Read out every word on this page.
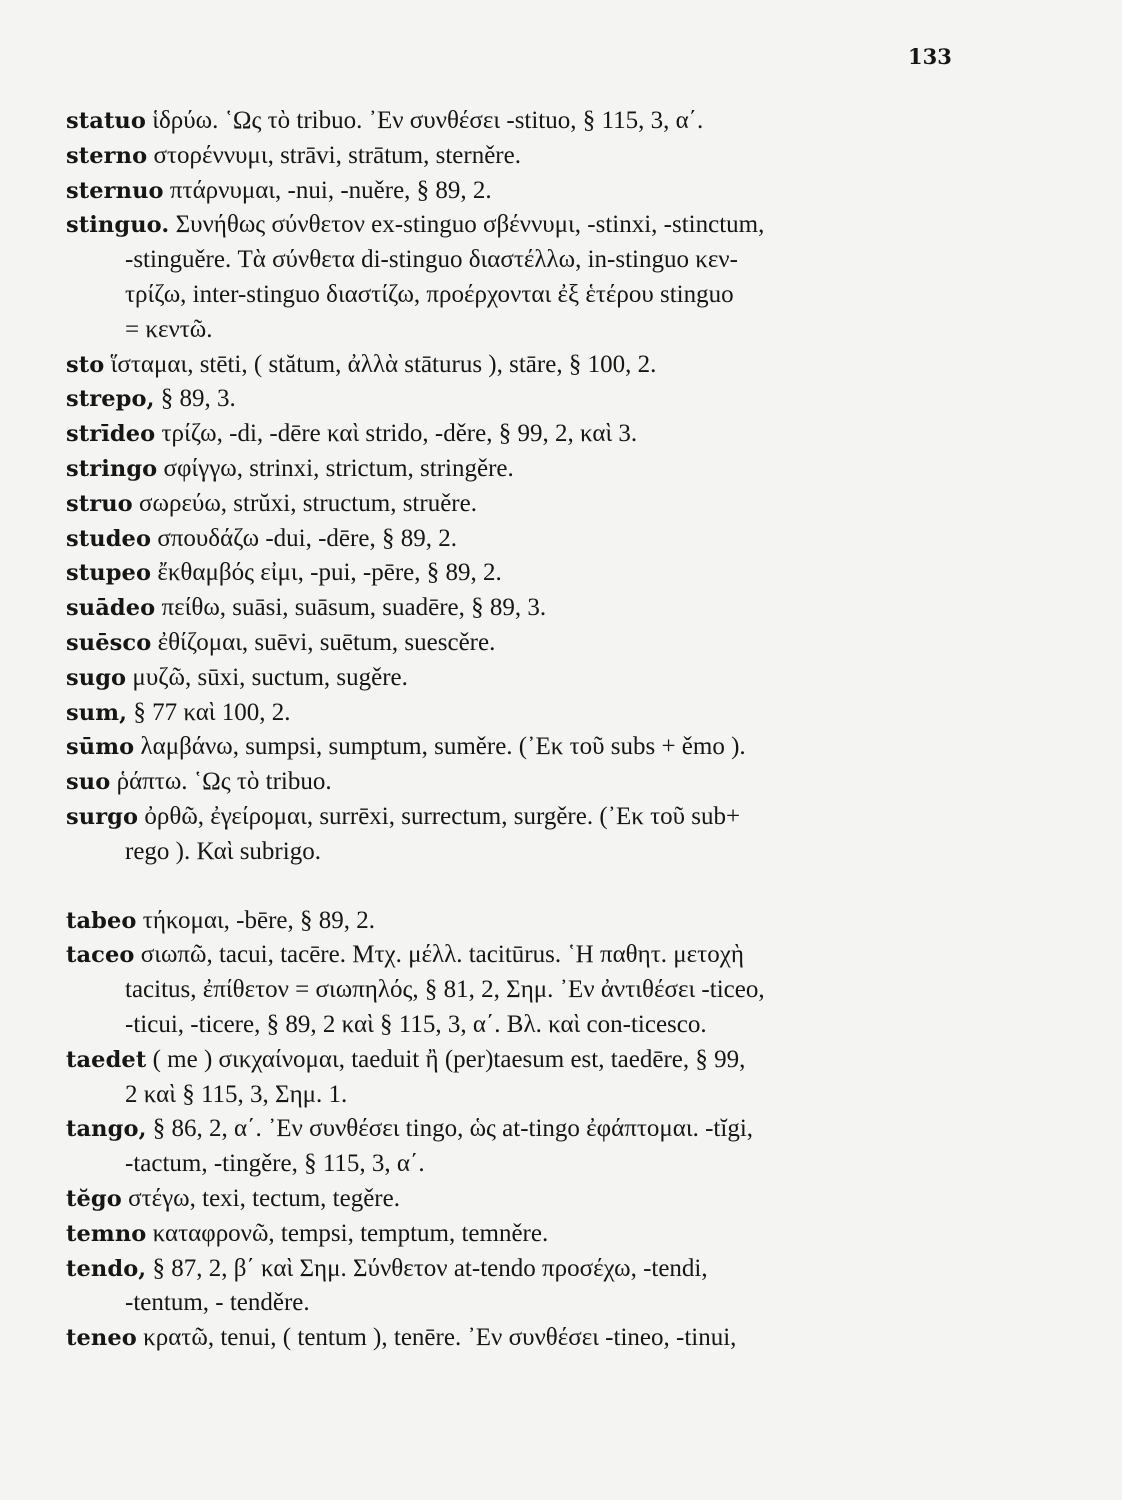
133
statuo ἱδρύω. ῾Ως τὸ tribuo. ᾿Εν συνθέσει -stituo, § 115, 3, α΄.
sterno στορέννυμι, strāvi, strātum, sterněre.
sternuo πτάρνυμαι, -nui, -nuěre, § 89, 2.
stinguo. Συνήθως σύνθετον ex-stinguo σβέννυμι, -stinxi, -stinctum,
-stinguěre. Τὰ σύνθετα di-stinguo διαστέλλω, in-stinguo κεν-
τρίζω, inter-stinguo διαστίζω, προέρχονται ἐξ ἑτέρου stinguo
= κεντῶ.
sto ἵσταμαι, stēti, ( stătum, ἀλλὰ stāturus ), stāre, § 100, 2.
strepo, § 89, 3.
strīdeo τρίζω, -di, -dēre καὶ strido, -děre, § 99, 2, καὶ 3.
stringo σφίγγω, strinxi, strictum, stringěre.
struo σωρεύω, strŭxi, structum, struěre.
studeo σπουδάζω -dui, -dēre, § 89, 2.
stupeo ἔκθαμβός εἰμι, -pui, -pēre, § 89, 2.
suādeo πείθω, suāsi, suāsum, suadēre, § 89, 3.
suēsco ἐθίζομαι, suēvi, suētum, suescěre.
sugo μυζῶ, sūxi, suctum, sugěre.
sum, § 77 καὶ 100, 2.
sūmo λαμβάνω, sumpsi, sumptum, suměre. (᾿Εκ τοῦ subs + ěmo ).
suo ῥάπτω. ῾Ως τὸ tribuo.
surgo ὀρθῶ, ἐγείρομαι, surrēxi, surrectum, surgěre. (᾿Εκ τοῦ sub+
rego ). Καὶ subrigo.
tabeo τήκομαι, -bēre, § 89, 2.
taceo σιωπῶ, tacui, tacēre. Μτχ. μέλλ. tacitūrus. ῾Η παθητ. μετοχὴ
tacitus, ἐπίθετον = σιωπηλός, § 81, 2, Σημ. ᾿Εν ἀντιθέσει -ticeo,
-ticui, -ticere, § 89, 2 καὶ § 115, 3, α΄. Βλ. καὶ con-ticesco.
taedet ( me ) σικχαίνομαι, taeduit ἢ (per)taesum est, taedēre, § 99,
2 καὶ § 115, 3, Σημ. 1.
tango, § 86, 2, α΄. ᾿Εν συνθέσει tingo, ὡς at-tingo ἐφάπτομαι. -tĭgi,
-tactum, -tingěre, § 115, 3, α΄.
tĕgo στέγω, texi, tectum, tegěre.
temno καταφρονῶ, tempsi, temptum, temněre.
tendo, § 87, 2, β΄ καὶ Σημ. Σύνθετον at-tendo προσέχω, -tendi,
-tentum, - tenděre.
teneo κρατῶ, tenui, ( tentum ), tenēre. ᾿Εν συνθέσει -tineo, -tinui,
